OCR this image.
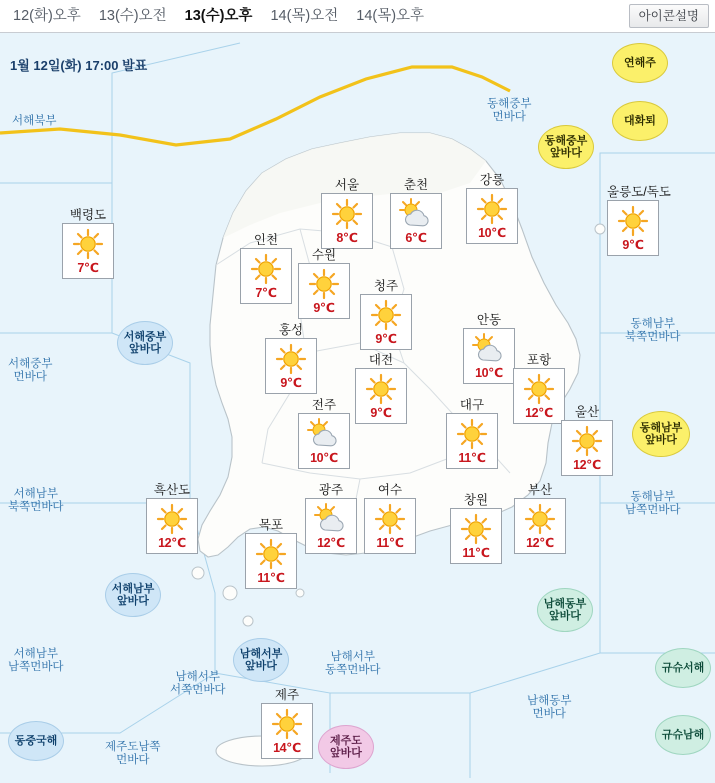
12(화)오후	13(수)오전	13(수)오후	14(목)오전	14(목)오후	아이콘설명
1월 12일(화) 17:00 발표	연해주
대화퇴
동해중부
앞바다
동해남부
앞바다
서해중부
앞바다
서해남부
앞바다
남해서부
앞바다
남해동부
앞바다
규슈서해
규슈남해
제주도
앞바다
동중국해
서해북부
동해중부
먼바다
동해남부
북쪽먼바다
동해남부
남쪽먼바다
서해중부
먼바다
서해남부
북쪽먼바다
서해남부
남쪽먼바다
남해서부
서쪽먼바다
남해서부
동쪽먼바다
남해동부
먼바다
제주도남쪽
먼바다
서울
8℃
춘천
6℃
강릉
10℃
백령도
7℃
인천
7℃
수원
9℃
청주
9℃
안동
10℃
홍성
9℃
대전
9℃
포항
12℃
대구
11℃
울산
12℃
전주
10℃
부산
12℃
흑산도
12℃
광주
12℃
여수
11℃
창원
11℃
목포
11℃
울릉도/독도
9℃
제주
14℃
